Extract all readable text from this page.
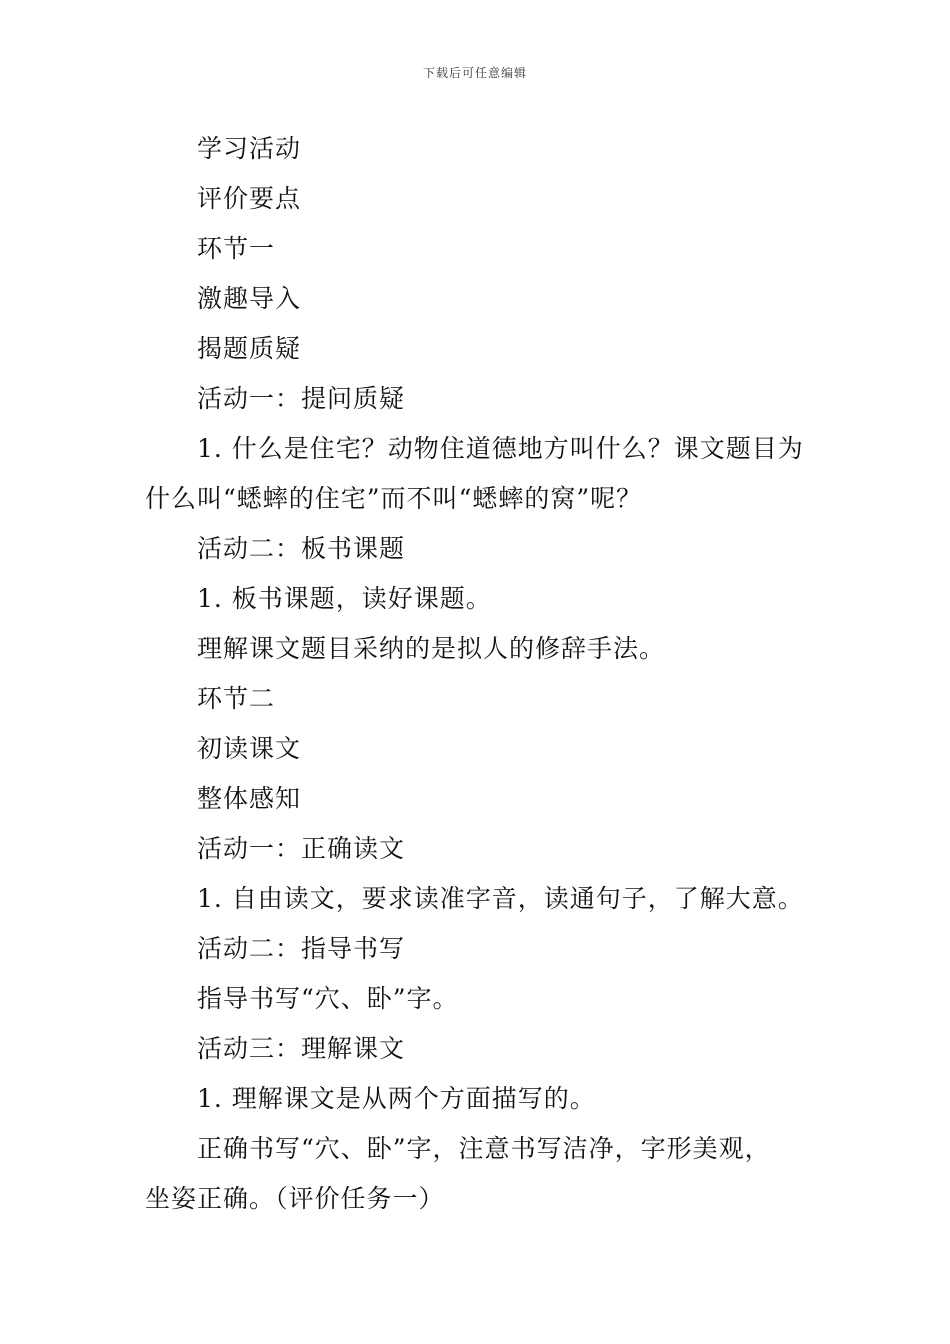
下载后可任意编辑
学习活动
评价要点
环节一
激趣导入
揭题质疑
活动一：提问质疑
1. 什么是住宅？动物住道德地方叫什么？课文题目为
什么叫“蟋蟀的住宅”而不叫“蟋蟀的窝”呢？
活动二：板书课题
1. 板书课题，读好课题。
理解课文题目采纳的是拟人的修辞手法。
环节二
初读课文
整体感知
活动一：正确读文
1. 自由读文，要求读准字音，读通句子，了解大意。
活动二：指导书写
指导书写“穴、卧”字。
活动三：理解课文
1. 理解课文是从两个方面描写的。
正确书写“穴、卧”字，注意书写洁净，字形美观，
坐姿正确。（评价任务一）
